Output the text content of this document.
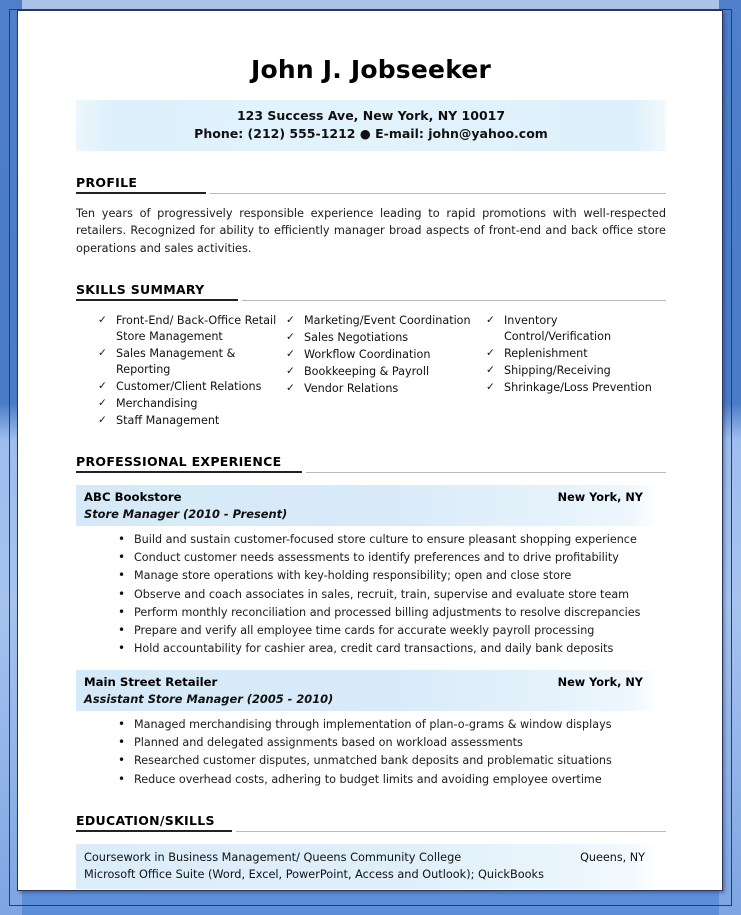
John J. Jobseeker
123 Success Ave, New York, NY 10017
Phone: (212) 555-1212 ● E-mail: john@yahoo.com
PROFILE

Ten years of progressively responsible experience leading to rapid promotions with well-respected retailers. Recognized for ability to efficiently manager broad aspects of front-end and back office store operations and sales activities.

SKILLS SUMMARY
✓ Front-End/ Back-Office Retail Store Management
✓ Sales Management & Reporting
✓ Customer/Client Relations
✓ Merchandising
✓ Staff Management
✓ Marketing/Event Coordination
✓ Sales Negotiations
✓ Workflow Coordination
✓ Bookkeeping & Payroll
✓ Vendor Relations
✓ Inventory Control/Verification
✓ Replenishment
✓ Shipping/Receiving
✓ Shrinkage/Loss Prevention
PROFESSIONAL EXPERIENCE
ABC Bookstore	New York, NY
Store Manager (2010 - Present)
• Build and sustain customer-focused store culture to ensure pleasant shopping experience
• Conduct customer needs assessments to identify preferences and to drive profitability
• Manage store operations with key-holding responsibility; open and close store
• Observe and coach associates in sales, recruit, train, supervise and evaluate store team
• Perform monthly reconciliation and processed billing adjustments to resolve discrepancies
• Prepare and verify all employee time cards for accurate weekly payroll processing
• Hold accountability for cashier area, credit card transactions, and daily bank deposits
Main Street Retailer	New York, NY
Assistant Store Manager (2005 - 2010)
• Managed merchandising through implementation of plan-o-grams & window displays
• Planned and delegated assignments based on workload assessments
• Researched customer disputes, unmatched bank deposits and problematic situations
• Reduce overhead costs, adhering to budget limits and avoiding employee overtime
EDUCATION/SKILLS
Coursework in Business Management/ Queens Community College	Queens, NY
Microsoft Office Suite (Word, Excel, PowerPoint, Access and Outlook); QuickBooks
